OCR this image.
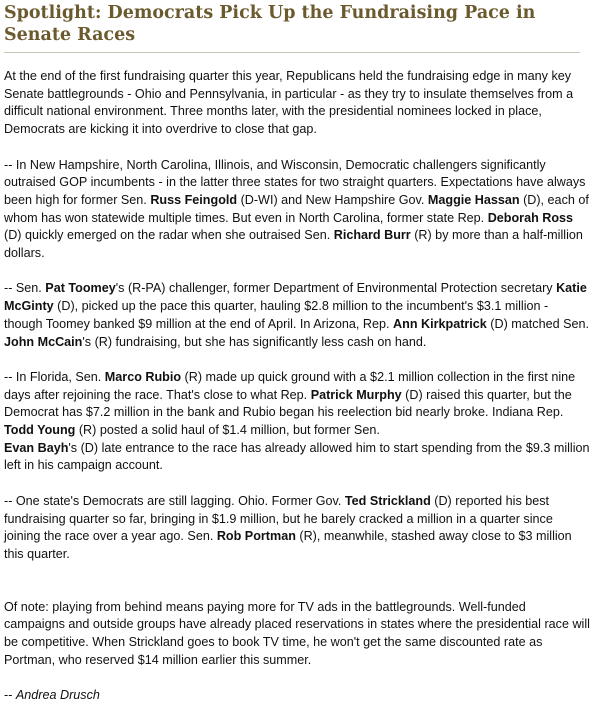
Spotlight: Democrats Pick Up the Fundraising Pace in Senate Races

At the end of the first fundraising quarter this year, Republicans held the fundraising edge in many key Senate battlegrounds - Ohio and Pennsylvania, in particular - as they try to insulate themselves from a difficult national environment. Three months later, with the presidential nominees locked in place, Democrats are kicking it into overdrive to close that gap.

-- In New Hampshire, North Carolina, Illinois, and Wisconsin, Democratic challengers significantly outraised GOP incumbents - in the latter three states for two straight quarters. Expectations have always been high for former Sen. Russ Feingold (D-WI) and New Hampshire Gov. Maggie Hassan (D), each of whom has won statewide multiple times. But even in North Carolina, former state Rep. Deborah Ross (D) quickly emerged on the radar when she outraised Sen. Richard Burr (R) by more than a half-million dollars.

-- Sen. Pat Toomey's (R-PA) challenger, former Department of Environmental Protection secretary Katie McGinty (D), picked up the pace this quarter, hauling $2.8 million to the incumbent's $3.1 million - though Toomey banked $9 million at the end of April. In Arizona, Rep. Ann Kirkpatrick (D) matched Sen. John McCain's (R) fundraising, but she has significantly less cash on hand.

-- In Florida, Sen. Marco Rubio (R) made up quick ground with a $2.1 million collection in the first nine days after rejoining the race. That's close to what Rep. Patrick Murphy (D) raised this quarter, but the Democrat has $7.2 million in the bank and Rubio began his reelection bid nearly broke. Indiana Rep. Todd Young (R) posted a solid haul of $1.4 million, but former Sen.
Evan Bayh's (D) late entrance to the race has already allowed him to start spending from the $9.3 million left in his campaign account.

-- One state's Democrats are still lagging. Ohio. Former Gov. Ted Strickland (D) reported his best fundraising quarter so far, bringing in $1.9 million, but he barely cracked a million in a quarter since joining the race over a year ago. Sen. Rob Portman (R), meanwhile, stashed away close to $3 million this quarter.

Of note: playing from behind means paying more for TV ads in the battlegrounds. Well-funded campaigns and outside groups have already placed reservations in states where the presidential race will be competitive. When Strickland goes to book TV time, he won't get the same discounted rate as Portman, who reserved $14 million earlier this summer.

-- Andrea Drusch
